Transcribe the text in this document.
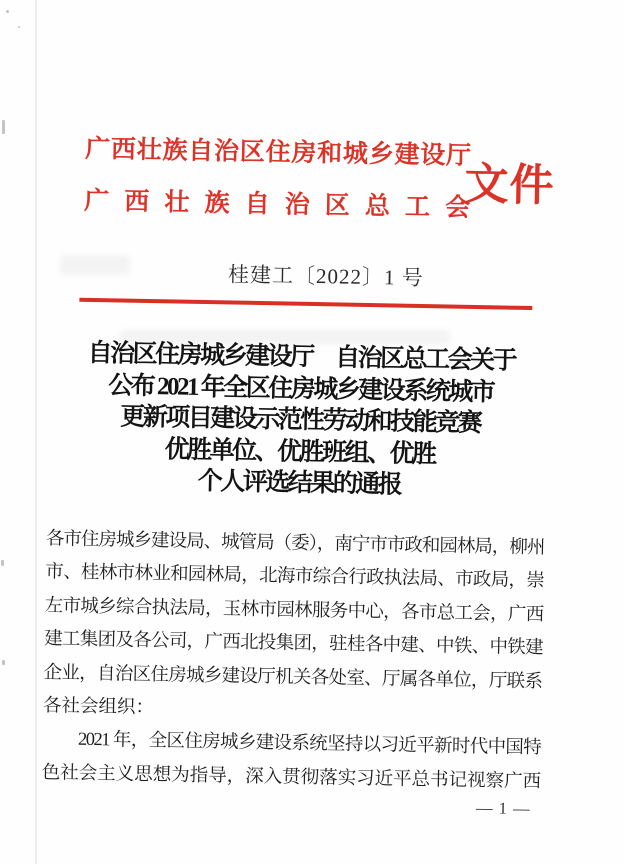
广西壮族自治区住房和城乡建设厅
广西壮族自治区总工会
文件
桂建工〔2022〕1 号
自治区住房城乡建设厅　自治区总工会关于
公布 2021 年全区住房城乡建设系统城市
更新项目建设示范性劳动和技能竞赛
优胜单位、优胜班组、优胜
个人评选结果的通报
各市住房城乡建设局、城管局（委），南宁市市政和园林局，柳州
市、桂林市林业和园林局，北海市综合行政执法局、市政局，崇
左市城乡综合执法局，玉林市园林服务中心，各市总工会，广西
建工集团及各公司，广西北投集团，驻桂各中建、中铁、中铁建
企业，自治区住房城乡建设厅机关各处室、厅属各单位，厅联系
各社会组织：
　　2021 年，全区住房城乡建设系统坚持以习近平新时代中国特
色社会主义思想为指导，深入贯彻落实习近平总书记视察广西
— 1 —
